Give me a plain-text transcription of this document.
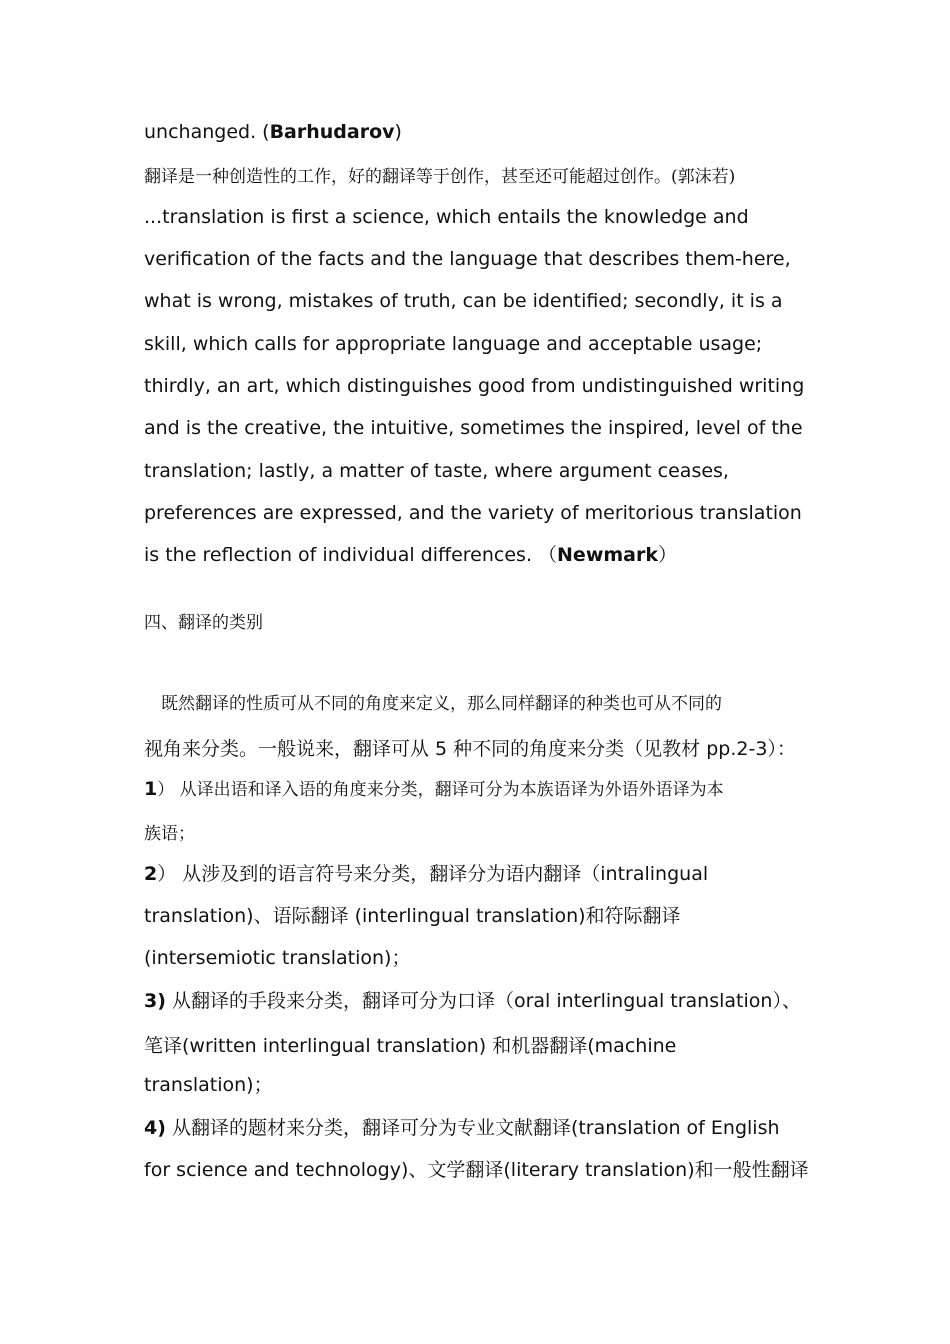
unchanged. (Barhudarov)
翻译是一种创造性的工作，好的翻译等于创作，甚至还可能超过创作。(郭沫若)
...translation is first a science, which entails the knowledge and
verification of the facts and the language that describes them-here,
what is wrong, mistakes of truth, can be identified; secondly, it is a
skill, which calls for appropriate language and acceptable usage;
thirdly, an art, which distinguishes good from undistinguished writing
and is the creative, the intuitive, sometimes the inspired, level of the
translation; lastly, a matter of taste, where argument ceases,
preferences are expressed, and the variety of meritorious translation
is the reflection of individual differences. （Newmark）
四、翻译的类别
　既然翻译的性质可从不同的角度来定义，那么同样翻译的种类也可从不同的
视角来分类。一般说来，翻译可从 5 种不同的角度来分类（见教材 pp.2-3）：
1） 从译出语和译入语的角度来分类，翻译可分为本族语译为外语外语译为本
族语；
2） 从涉及到的语言符号来分类，翻译分为语内翻译（intralingual
translation)、语际翻译 (interlingual translation)和符际翻译
(intersemiotic translation)；
3) 从翻译的手段来分类，翻译可分为口译（oral interlingual translation）、
笔译(written interlingual translation) 和机器翻译(machine
translation)；
4) 从翻译的题材来分类，翻译可分为专业文献翻译(translation of English
for science and technology)、文学翻译(literary translation)和一般性翻译
